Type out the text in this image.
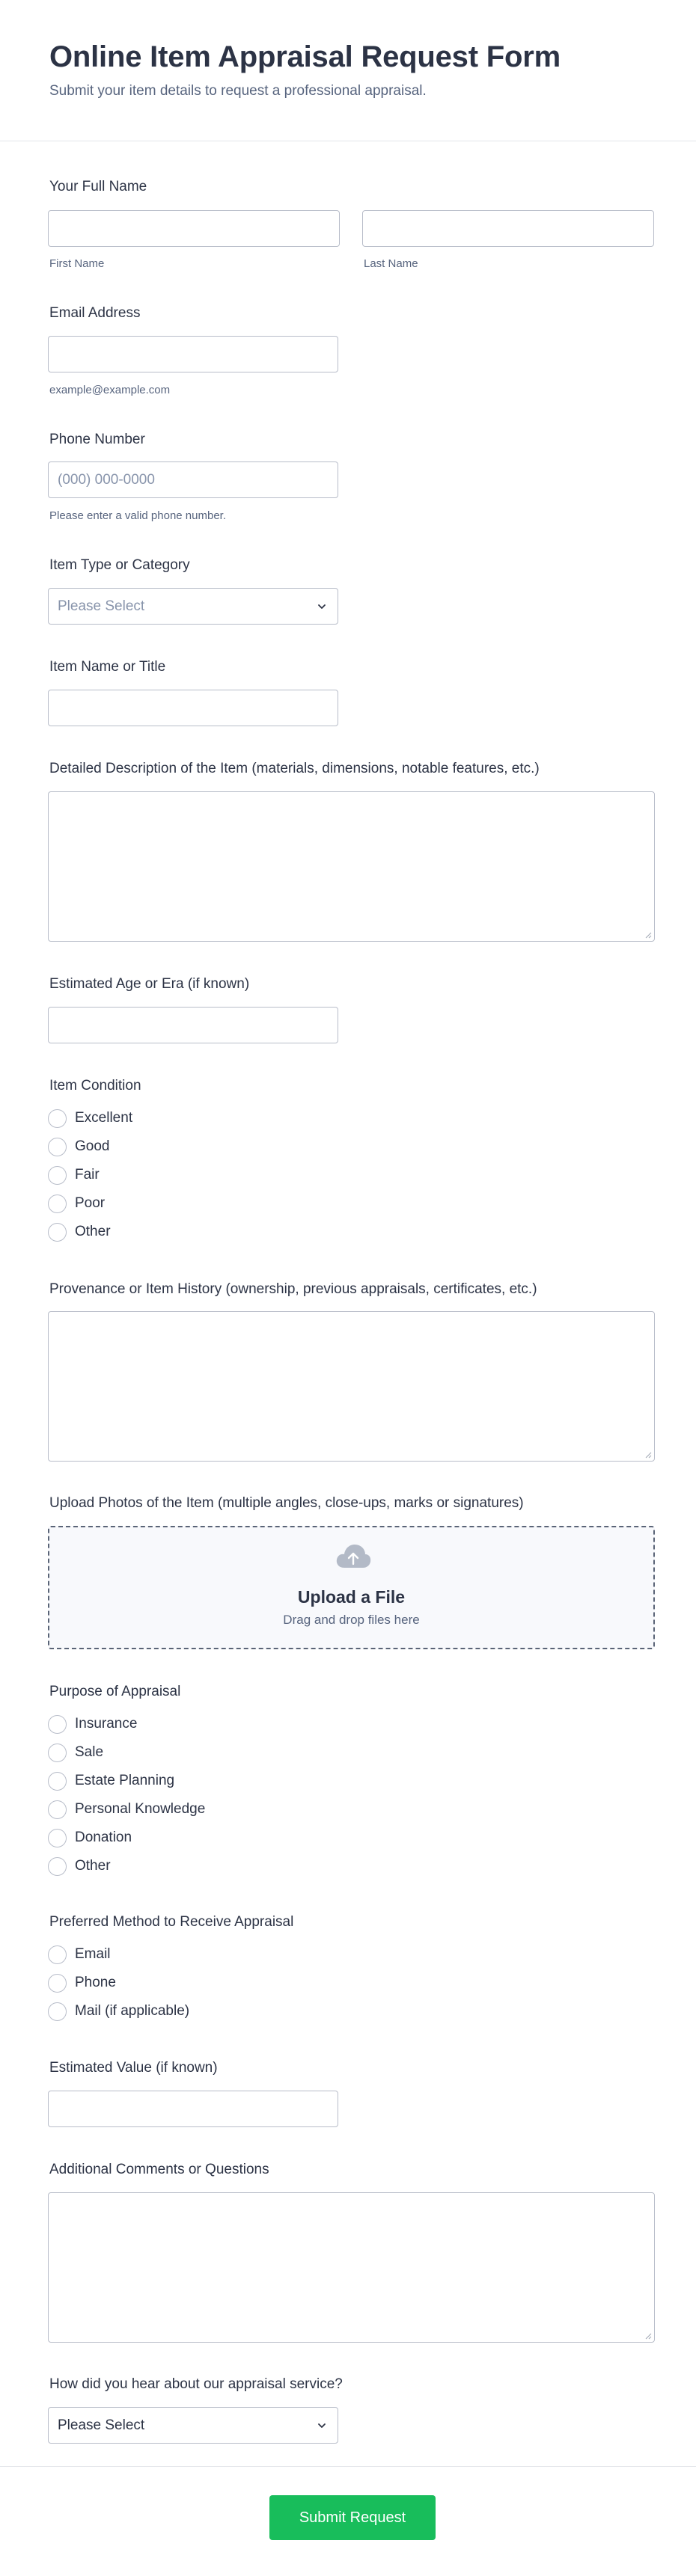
Online Item Appraisal Request Form

Submit your item details to request a professional appraisal.

Your Full Name
First Name	Last Name
Email Address
example@example.com
Phone Number
(000) 000-0000
Please enter a valid phone number.
Item Type or Category
Please Select
Item Name or Title
Detailed Description of the Item (materials, dimensions, notable features, etc.)
Estimated Age or Era (if known)
Item Condition
Excellent
Good
Fair
Poor
Other
Provenance or Item History (ownership, previous appraisals, certificates, etc.)
Upload Photos of the Item (multiple angles, close-ups, marks or signatures)
Upload a File
Drag and drop files here
Purpose of Appraisal
Insurance
Sale
Estate Planning
Personal Knowledge
Donation
Other
Preferred Method to Receive Appraisal
Email
Phone
Mail (if applicable)
Estimated Value (if known)
Additional Comments or Questions
How did you hear about our appraisal service?
Please Select
Submit Request
